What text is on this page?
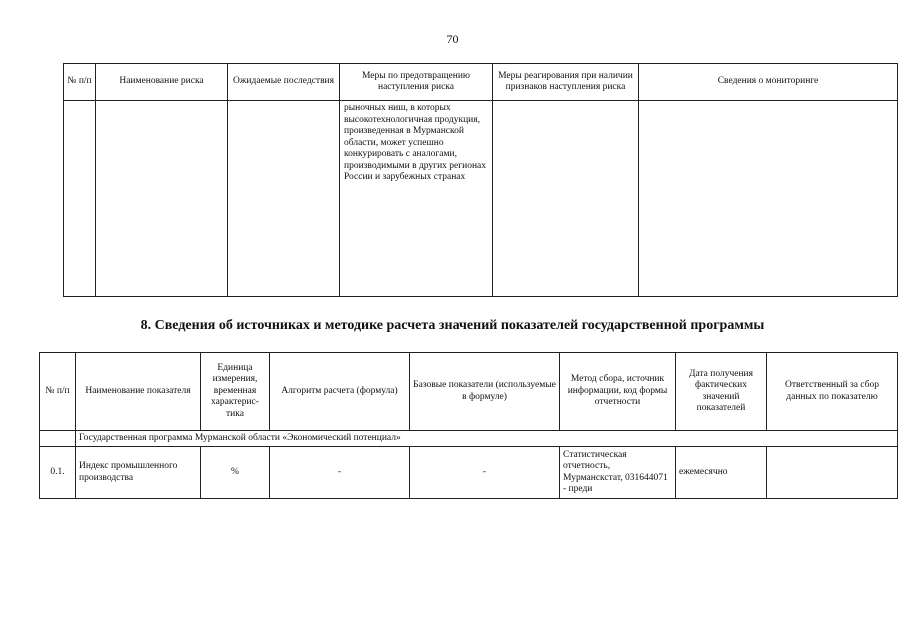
70
№ п/п	Наименование риска	Ожидаемые последствия	Меры по предотвращению наступления риска	Меры реагирования при наличии признаков наступления риска	Сведения о мониторинге
			рыночных ниш, в которых высокотехнологичная продукция, произведенная в Мурманской области, может успешно конкурировать с аналогами, производимыми в других регионах России и зарубежных странах		
8. Сведения об источниках и методике расчета значений показателей государственной программы
№ п/п	Наименование показателя	Единица измерения, временная характерис- тика	Алгоритм расчета (формула)	Базовые показатели (используемые в формуле)	Метод сбора, источник информации, код формы отчетности	Дата получения фактических значений показателей	Ответственный за сбор данных по показателю
	Государственная программа Мурманской области «Экономический потенциал»						
0.1.	Индекс промышленного производства	%	-	-	Статистическая отчетность, Мурманскстат, 031644071 - преди	ежемесячно	
